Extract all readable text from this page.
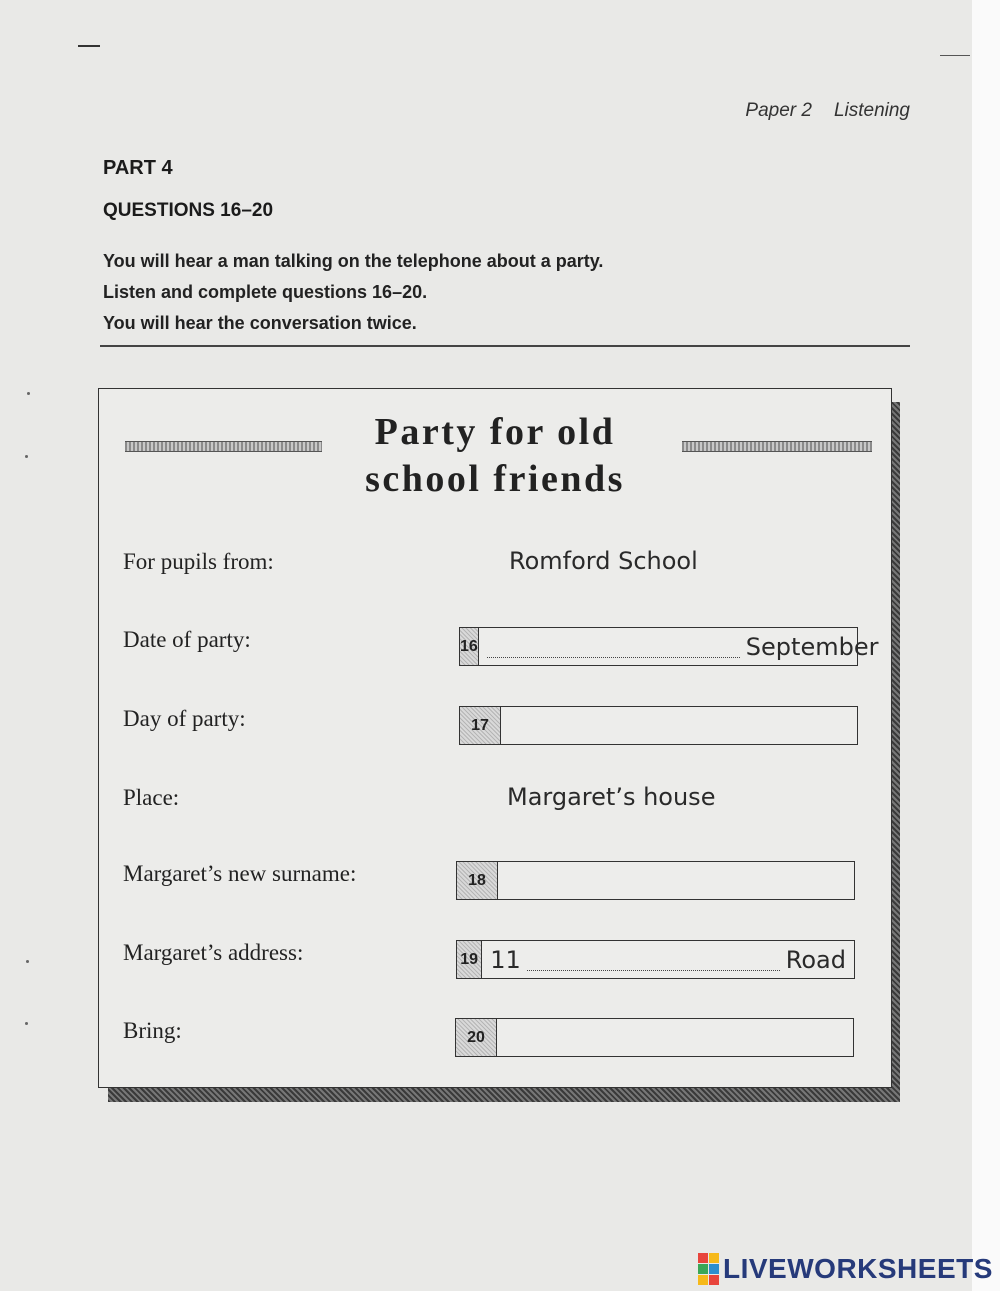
Paper 2 Listening
PART 4
QUESTIONS 16–20
You will hear a man talking on the telephone about a party.
Listen and complete questions 16–20.
You will hear the conversation twice.
Party for old
school friends
For pupils from:	Romford School
Date of party:	16	September
Day of party:	17
Place:	Margaret’s house
Margaret’s new surname:	18
Margaret’s address:	19 11	Road
Bring:	20
LIVEWORKSHEETS
